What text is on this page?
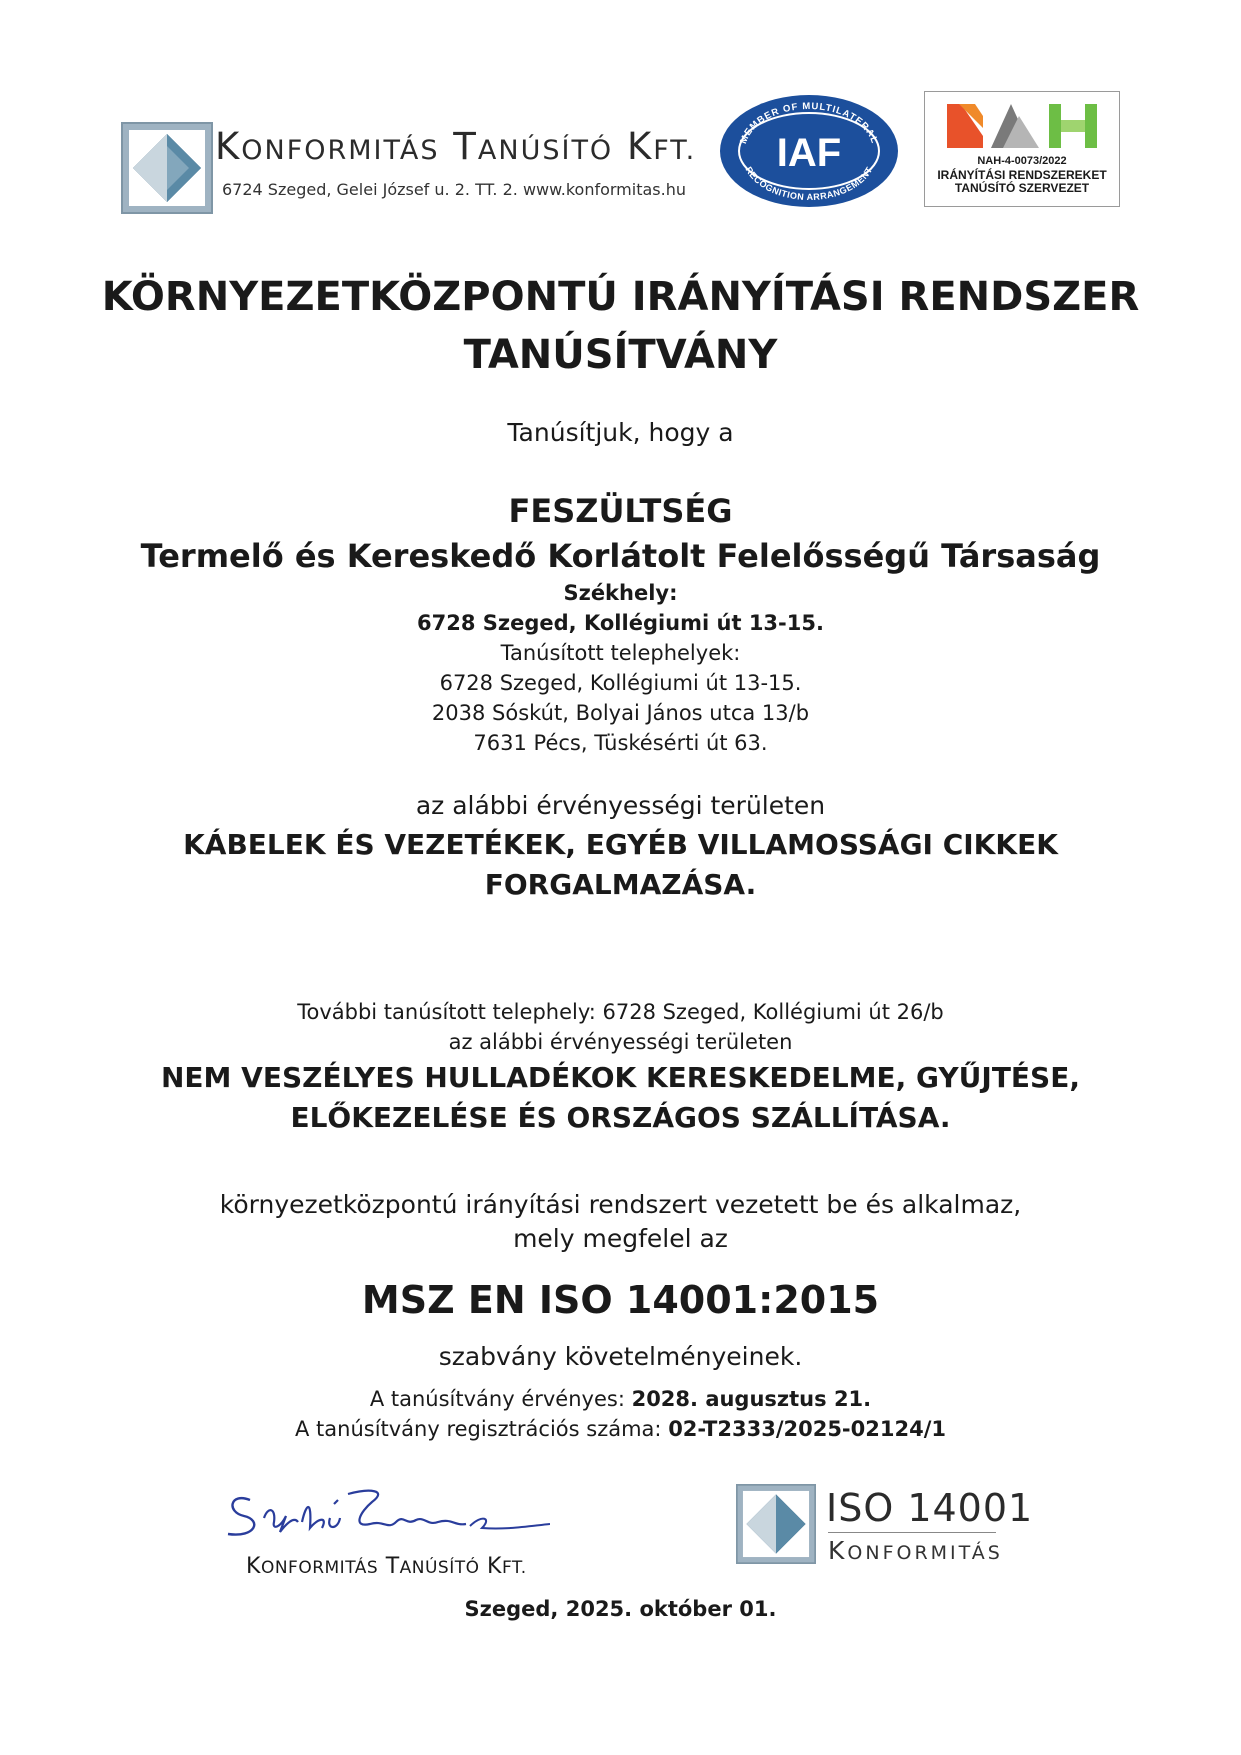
KONFORMITÁS TANÚSÍTÓ KFT.
6724 Szeged, Gelei József u. 2. TT. 2. www.konformitas.hu
MEMBER OF MULTILATERAL
RECOGNITION ARRANGEMENT
IAF	NAH-4-0073/2022
IRÁNYÍTÁSI RENDSZEREKET
TANÚSÍTÓ SZERVEZET
KÖRNYEZETKÖZPONTÚ IRÁNYÍTÁSI RENDSZER
TANÚSÍTVÁNY
Tanúsítjuk, hogy a
FESZÜLTSÉG
Termelő és Kereskedő Korlátolt Felelősségű Társaság
Székhely:
6728 Szeged, Kollégiumi út 13-15.
Tanúsított telephelyek:
6728 Szeged, Kollégiumi út 13-15.
2038 Sóskút, Bolyai János utca 13/b
7631 Pécs, Tüskésérti út 63.
az alábbi érvényességi területen
KÁBELEK ÉS VEZETÉKEK, EGYÉB VILLAMOSSÁGI CIKKEK
FORGALMAZÁSA.
További tanúsított telephely: 6728 Szeged, Kollégiumi út 26/b
az alábbi érvényességi területen
NEM VESZÉLYES HULLADÉKOK KERESKEDELME, GYŰJTÉSE,
ELŐKEZELÉSE ÉS ORSZÁGOS SZÁLLÍTÁSA.
környezetközpontú irányítási rendszert vezetett be és alkalmaz,
mely megfelel az
MSZ EN ISO 14001:2015
szabvány követelményeinek.
A tanúsítvány érvényes: 2028. augusztus 21.
A tanúsítvány regisztrációs száma: 02-T2333/2025-02124/1
KONFORMITÁS TANÚSÍTÓ KFT.
ISO 14001
KONFORMITÁS
Szeged, 2025. október 01.
